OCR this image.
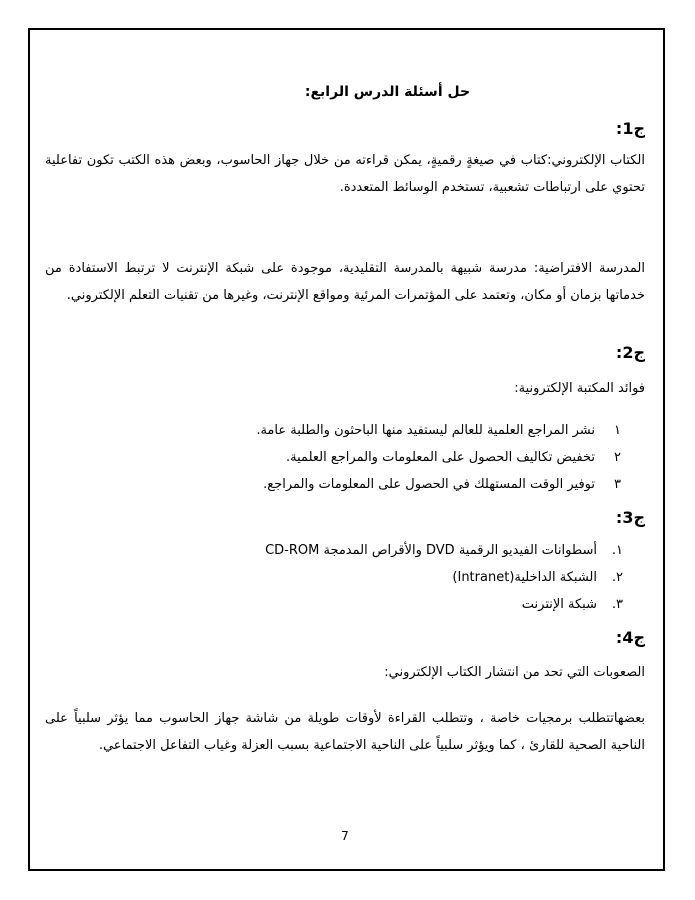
حل أسئلة الدرس الرابع:
ج1:
الكتاب الإلكتروني:كتاب في صيغةٍ رقميةٍ، يمكن قراءته من خلال جهاز الحاسوب، وبعض هذه الكتب تكون تفاعلية تحتوي على ارتباطات تشعبية، تستخدم الوسائط المتعددة.
المدرسة الافتراضية: مدرسة شبيهة بالمدرسة التقليدية، موجودة على شبكة الإنترنت لا ترتبط الاستفادة من خدماتها بزمان أو مكان، وتعتمد على المؤتمرات المرئية ومواقع الإنترنت، وغيرها من تقنيات التعلم الإلكتروني.
ج2:
فوائد المكتبة الإلكترونية:
١
نشر المراجع العلمية للعالم ليستفيد منها الباحثون والطلبة عامة.
٢
تخفيض تكاليف الحصول على المعلومات والمراجع العلمية.
٣
توفير الوقت المستهلك في الحصول على المعلومات والمراجع.
ج3:
١.
أسطوانات الفيديو الرقمية DVD والأقراص المدمجة CD-ROM
٢.
الشبكة الداخلية(Intranet)
٣.
شبكة الإنترنت
ج4:
الصعوبات التي تحد من انتشار الكتاب الإلكتروني:
بعضهاتتطلب برمجيات خاصة ، وتتطلب القراءة لأوقات طويلة من شاشة جهاز الحاسوب مما يؤثر سلبياً على الناحية الصحية للقارئ ، كما ويؤثر سلبياً على الناحية الاجتماعية بسبب العزلة وغياب التفاعل الاجتماعي.
7
